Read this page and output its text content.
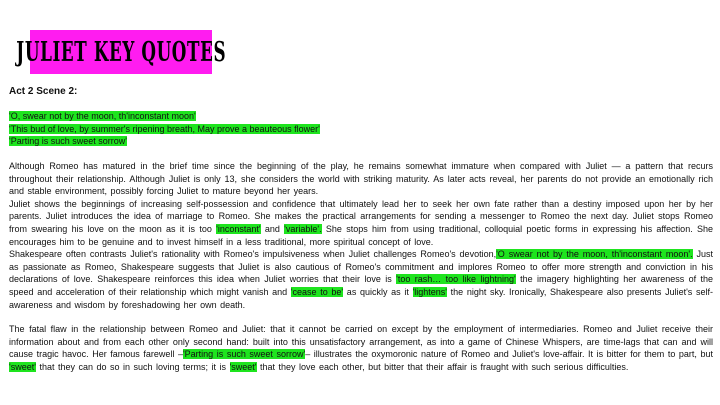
JULIET KEY QUOTES
Act 2 Scene 2:
'O, swear not by the moon, th'inconstant moon'
'This bud of love, by summer's ripening breath, May prove a beauteous flower'
'Parting is such sweet sorrow'

Although Romeo has matured in the brief time since the beginning of the play, he remains somewhat immature when compared with Juliet — a pattern that recurs throughout their relationship. Although Juliet is only 13, she considers the world with striking maturity. As later acts reveal, her parents do not provide an emotionally rich and stable environment, possibly forcing Juliet to mature beyond her years.

Juliet shows the beginnings of increasing self-possession and confidence that ultimately lead her to seek her own fate rather than a destiny imposed upon her by her parents. Juliet introduces the idea of marriage to Romeo. She makes the practical arrangements for sending a messenger to Romeo the next day. Juliet stops Romeo from swearing his love on the moon as it is too 'inconstant' and 'variable'. She stops him from using traditional, colloquial poetic forms in expressing his affection. She encourages him to be genuine and to invest himself in a less traditional, more spiritual concept of love.

Shakespeare often contrasts Juliet's rationality with Romeo's impulsiveness when Juliet challenges Romeo's devotion,'O swear not by the moon, th'inconstant moon'. Just as passionate as Romeo, Shakespeare suggests that Juliet is also cautious of Romeo's commitment and implores Romeo to offer more strength and conviction in his declarations of love. Shakespeare reinforces this idea when Juliet worries that their love is 'too rash… too like lightning' the imagery highlighting her awareness of the speed and acceleration of their relationship which might vanish and 'cease to be' as quickly as it 'lightens' the night sky. Ironically, Shakespeare also presents Juliet's self-awareness and wisdom by foreshadowing her own death.

The fatal flaw in the relationship between Romeo and Juliet: that it cannot be carried on except by the employment of intermediaries. Romeo and Juliet receive their information about and from each other only second hand: built into this unsatisfactory arrangement, as into a game of Chinese Whispers, are time-lags that can and will cause tragic havoc. Her famous farewell –'Parting is such sweet sorrow'– illustrates the oxymoronic nature of Romeo and Juliet's love-affair. It is bitter for them to part, but 'sweet' that they can do so in such loving terms; it is 'sweet' that they love each other, but bitter that their affair is fraught with such serious difficulties.
